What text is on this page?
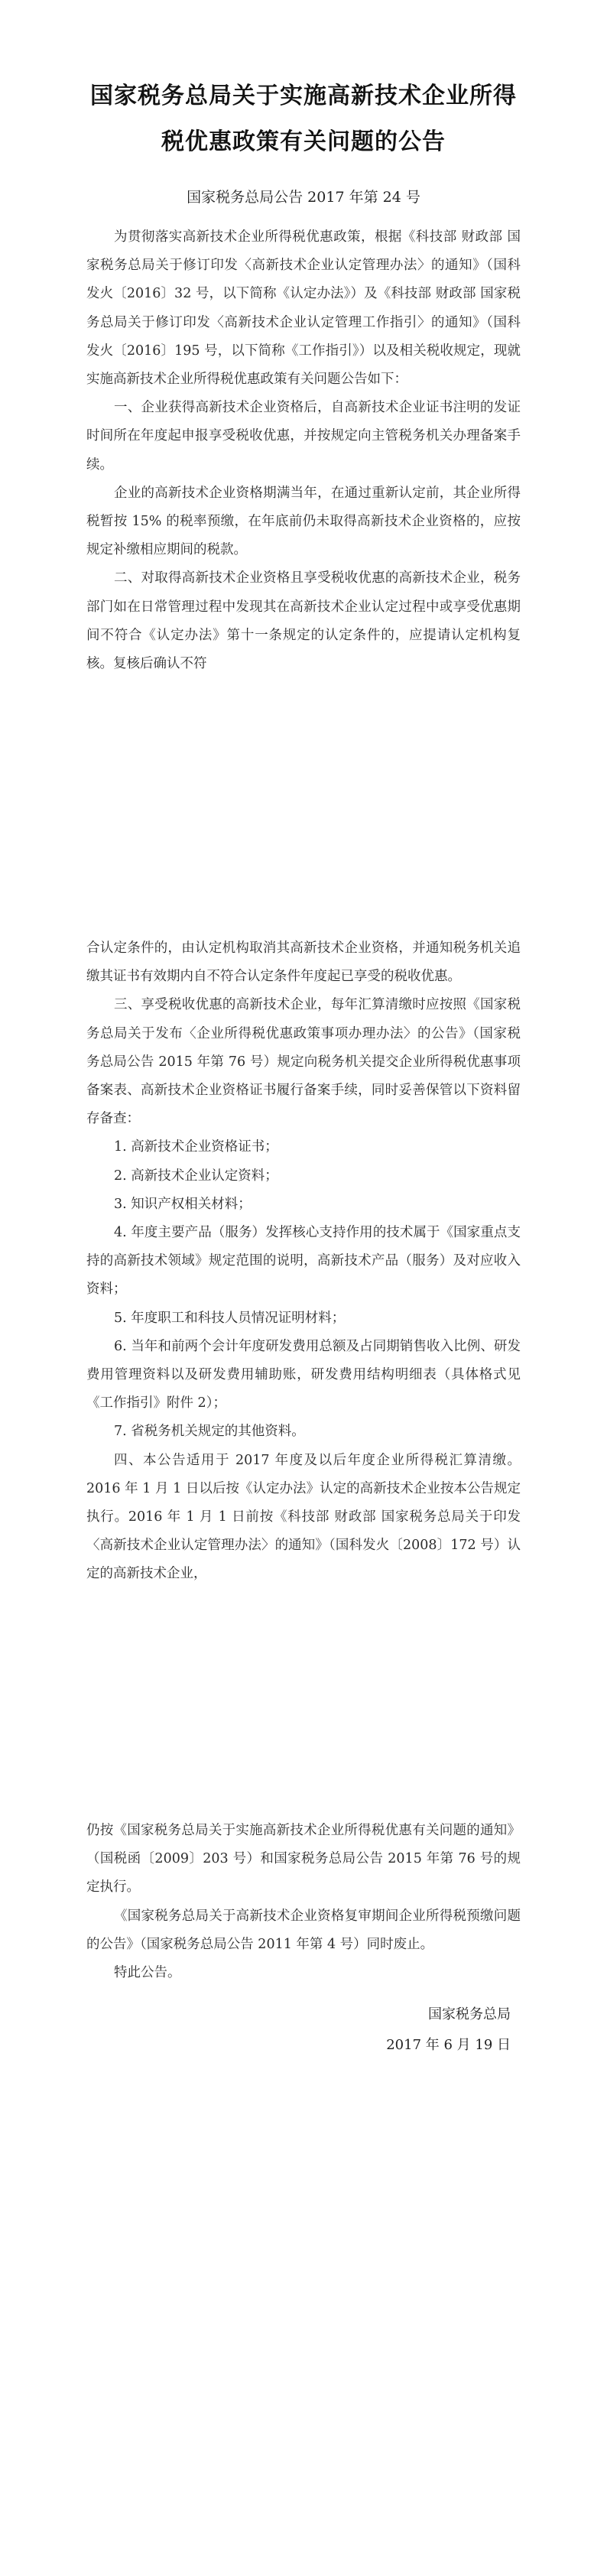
国家税务总局关于实施高新技术企业所得
税优惠政策有关问题的公告
国家税务总局公告 2017 年第 24 号

为贯彻落实高新技术企业所得税优惠政策，根据《科技部 财政部 国家税务总局关于修订印发〈高新技术企业认定管理办法〉的通知》（国科发火〔2016〕32 号，以下简称《认定办法》）及《科技部 财政部 国家税务总局关于修订印发〈高新技术企业认定管理工作指引〉的通知》（国科发火〔2016〕195 号，以下简称《工作指引》）以及相关税收规定，现就实施高新技术企业所得税优惠政策有关问题公告如下：

一、企业获得高新技术企业资格后，自高新技术企业证书注明的发证时间所在年度起申报享受税收优惠，并按规定向主管税务机关办理备案手续。

企业的高新技术企业资格期满当年，在通过重新认定前，其企业所得税暂按 15% 的税率预缴，在年底前仍未取得高新技术企业资格的，应按规定补缴相应期间的税款。

二、对取得高新技术企业资格且享受税收优惠的高新技术企业，税务部门如在日常管理过程中发现其在高新技术企业认定过程中或享受优惠期间不符合《认定办法》第十一条规定的认定条件的，应提请认定机构复核。复核后确认不符

合认定条件的，由认定机构取消其高新技术企业资格，并通知税务机关追缴其证书有效期内自不符合认定条件年度起已享受的税收优惠。

三、享受税收优惠的高新技术企业，每年汇算清缴时应按照《国家税务总局关于发布〈企业所得税优惠政策事项办理办法〉的公告》（国家税务总局公告 2015 年第 76 号）规定向税务机关提交企业所得税优惠事项备案表、高新技术企业资格证书履行备案手续，同时妥善保管以下资料留存备查：

1. 高新技术企业资格证书；

2. 高新技术企业认定资料；

3. 知识产权相关材料；

4. 年度主要产品（服务）发挥核心支持作用的技术属于《国家重点支持的高新技术领域》规定范围的说明，高新技术产品（服务）及对应收入资料；

5. 年度职工和科技人员情况证明材料；

6. 当年和前两个会计年度研发费用总额及占同期销售收入比例、研发费用管理资料以及研发费用辅助账，研发费用结构明细表（具体格式见《工作指引》附件 2）；

7. 省税务机关规定的其他资料。

四、本公告适用于 2017 年度及以后年度企业所得税汇算清缴。2016 年 1 月 1 日以后按《认定办法》认定的高新技术企业按本公告规定执行。2016 年 1 月 1 日前按《科技部 财政部 国家税务总局关于印发〈高新技术企业认定管理办法〉的通知》（国科发火〔2008〕172 号）认定的高新技术企业，

仍按《国家税务总局关于实施高新技术企业所得税优惠有关问题的通知》（国税函〔2009〕203 号）和国家税务总局公告 2015 年第 76 号的规定执行。

《国家税务总局关于高新技术企业资格复审期间企业所得税预缴问题的公告》（国家税务总局公告 2011 年第 4 号）同时废止。

特此公告。

国家税务总局
2017 年 6 月 19 日
